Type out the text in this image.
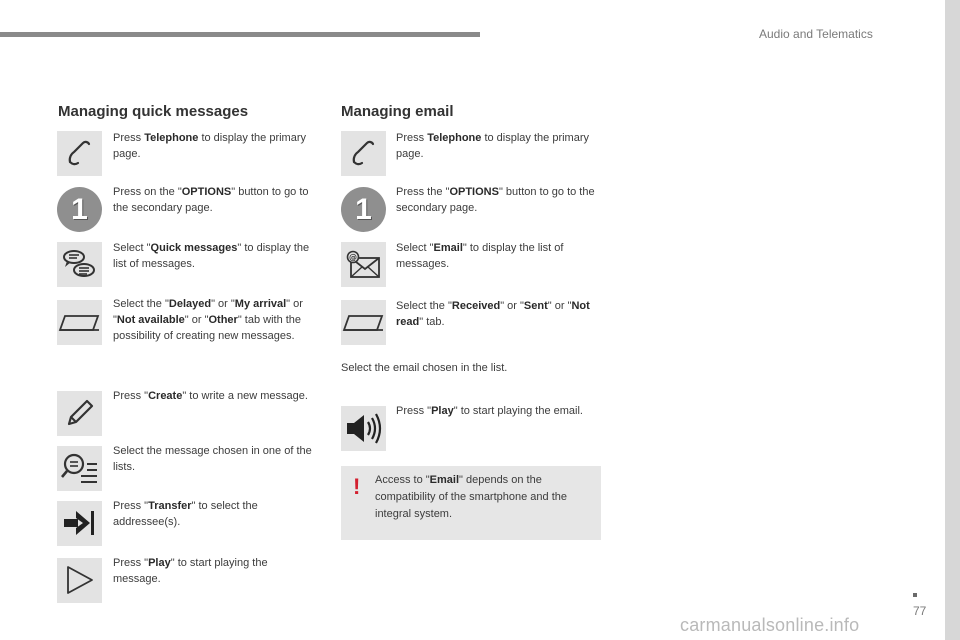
Audio and Telematics
Managing quick messages
Press Telephone to display the primary page.
1
Press on the "OPTIONS" button to go to the secondary page.
Select "Quick messages" to display the list of messages.
Select the "Delayed" or "My arrival" or "Not available" or "Other" tab with the possibility of creating new messages.
Press "Create" to write a new message.
Select the message chosen in one of the lists.
Press "Transfer" to select the addressee(s).
Press "Play" to start playing the message.
Managing email
Press Telephone to display the primary page.
1
Press the "OPTIONS" button to go to the secondary page.
@
Select "Email" to display the list of messages.
Select the "Received" or "Sent" or "Not read" tab.
Select the email chosen in the list.
Press "Play" to start playing the email.
! Access to "Email" depends on the compatibility of the smartphone and the integral system.
77
carmanualsonline.info
